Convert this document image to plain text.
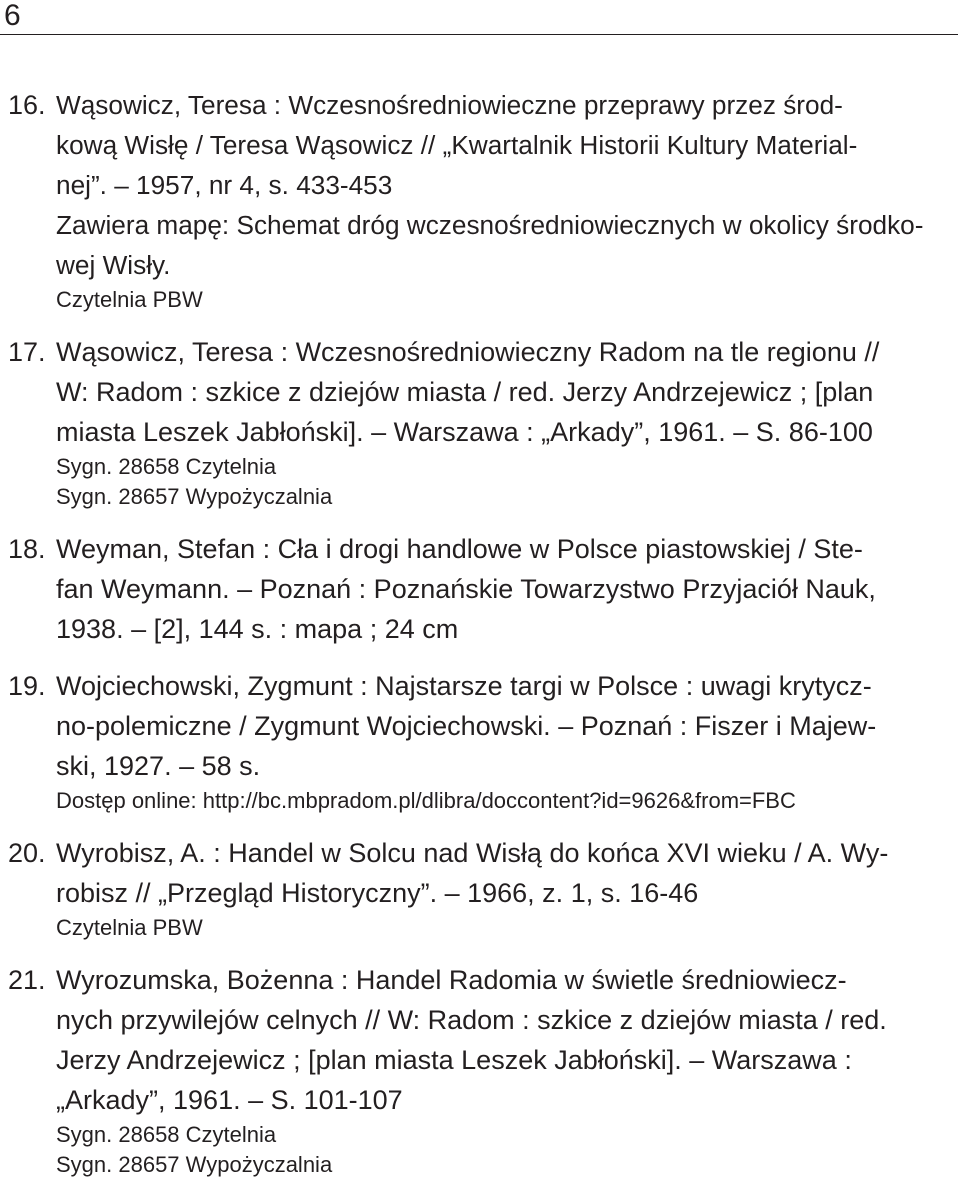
6
16. Wąsowicz, Teresa : Wczesnośredniowieczne przeprawy przez środ-
kową Wisłę / Teresa Wąsowicz // „Kwartalnik Historii Kultury Material-
nej”. – 1957, nr 4, s. 433-453
Zawiera mapę: Schemat dróg wczesnośredniowiecznych w okolicy środko-
wej Wisły.
Czytelnia PBW
17. Wąsowicz, Teresa : Wczesnośredniowieczny Radom na tle regionu //
W: Radom : szkice z dziejów miasta / red. Jerzy Andrzejewicz ; [plan
miasta Leszek Jabłoński]. – Warszawa : „Arkady”, 1961. – S. 86-100
Sygn. 28658 Czytelnia
Sygn. 28657 Wypożyczalnia
18. Weyman, Stefan : Cła i drogi handlowe w Polsce piastowskiej / Ste-
fan Weymann. – Poznań : Poznańskie Towarzystwo Przyjaciół Nauk,
1938. – [2], 144 s. : mapa ; 24 cm
19. Wojciechowski, Zygmunt : Najstarsze targi w Polsce : uwagi krytycz-
no-polemiczne / Zygmunt Wojciechowski. – Poznań : Fiszer i Majew-
ski, 1927. – 58 s.
Dostęp online: http://bc.mbpradom.pl/dlibra/doccontent?id=9626&from=FBC
20. Wyrobisz, A. : Handel w Solcu nad Wisłą do końca XVI wieku / A. Wy-
robisz // „Przegląd Historyczny”. – 1966, z. 1, s. 16-46
Czytelnia PBW
21. Wyrozumska, Bożenna : Handel Radomia w świetle średniowiecz-
nych przywilejów celnych // W: Radom : szkice z dziejów miasta / red.
Jerzy Andrzejewicz ; [plan miasta Leszek Jabłoński]. – Warszawa :
„Arkady”, 1961. – S. 101-107
Sygn. 28658 Czytelnia
Sygn. 28657 Wypożyczalnia
